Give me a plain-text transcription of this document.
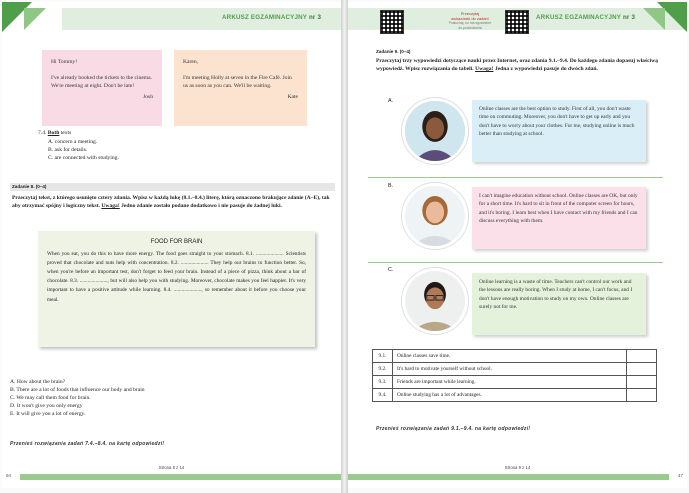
ARKUSZ EGZAMINACYJNY nr 3
Hi Tommy!
I've already booked the tickets to the cinema. We're meeting at eight. Don't be late!
Josh
Karen,
I'm meeting Holly at seven in the Fire Café. Join us as soon as you can. We'll be waiting.
Kate
7.4. Both texts
A. concern a meeting.
B. ask for details.
C. are connected with studying.
Zadanie 8. (0–4)
Przeczytaj tekst, z którego usunięto cztery zdania. Wpisz w każdą lukę (8.1.–8.4.) literę, którą oznaczono brakujące zdanie (A–E), tak aby otrzymać spójny i logiczny tekst. Uwaga! Jedno zdanie zostało podane dodatkowo i nie pasuje do żadnej luki.
FOOD FOR BRAIN

When you eat, you do this to have more energy. The food goes straight to your stomach. 8.1. ..................... Scientists proved that chocolate and nuts help with concentration. 8.2. ..................... They help our brains to function better. So, when you're before an important test, don't forget to feed your brain. Instead of a piece of pizza, think about a bar of chocolate. 8.3. ....................., but will also help you with studying. Moreover, chocolate makes you feel happier. It's very important to have a positive attitude while learning. 8.4. ....................., so remember about it before you choose your meal.

A. How about the brain?
B. There are a lot of foods that influence our body and brain
C. We may call them food for brain.
D. It won't give you only energy
E. It will give you a lot of energy.
Przenieś rozwiązania zadań 7.4.–8.4. na kartę odpowiedzi!
Strona 8 z 14
94
Przeczytaj
wskazówki do zadań!
Posłuchaj, co ma egzaminer
do powiedzenia
ARKUSZ EGZAMINACYJNY nr 3
Zadanie 9. (0–4)
Przeczytaj trzy wypowiedzi dotyczące nauki przez Internet, oraz zdania 9.1.–9.4. Do każdego zdania dopasuj właściwą wypowiedź. Wpisz rozwiązania do tabeli. Uwaga! Jedna z wypowiedzi pasuje do dwóch zdań.
A.
Online classes are the best option to study. First of all, you don't waste time on commuting. Moreover, you don't have to get up early and you don't have to worry about your clothes. For me, studying online is much better than studying at school.
B.
I can't imagine education without school. Online classes are OK, but only for a short time. It's hard to sit in front of the computer screen for hours, and it's boring. I learn best when I have contact with my friends and I can discuss everything with them.
C.
Online learning is a waste of time. Teachers can't control our work and the lessons are really boring. When I study at home, I can't focus, and I don't have enough motivation to study on my own. Online classes are surely not for me.
9.1.	Online classes save time.	
9.2.	It's hard to motivate yourself without school.	
9.3.	Friends are important while learning.	
9.4.	Online studying has a lot of advantages.	
Przenieś rozwiązania zadań 9.1.–9.4. na kartę odpowiedzi!
Strona 9 z 14
47
